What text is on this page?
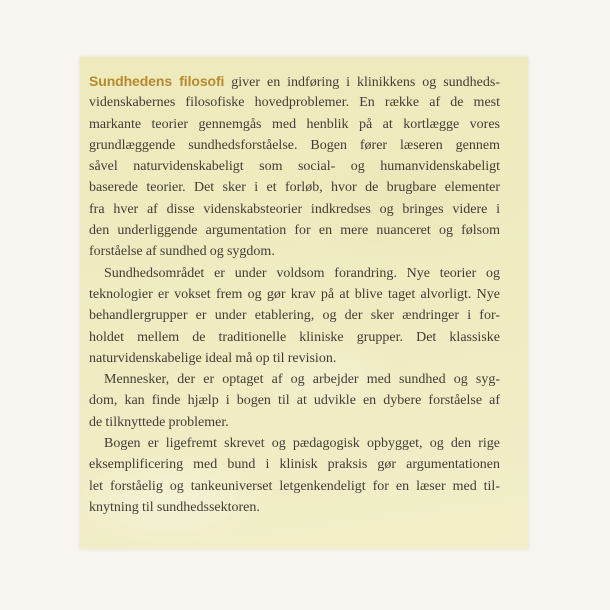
Sundhedens filosofi giver en indføring i klinikkens og sundheds-
videnskabernes filosofiske hovedproblemer. En række af de mest
markante teorier gennemgås med henblik på at kortlægge vores
grundlæggende sundhedsforståelse. Bogen fører læseren gennem
såvel naturvidenskabeligt som social- og humanvidenskabeligt
baserede teorier. Det sker i et forløb, hvor de brugbare elementer
fra hver af disse videnskabsteorier indkredses og bringes videre i
den underliggende argumentation for en mere nuanceret og følsom
forståelse af sundhed og sygdom.
Sundhedsområdet er under voldsom forandring. Nye teorier og
teknologier er vokset frem og gør krav på at blive taget alvorligt. Nye
behandlergrupper er under etablering, og der sker ændringer i for-
holdet mellem de traditionelle kliniske grupper. Det klassiske
naturvidenskabelige ideal må op til revision.
Mennesker, der er optaget af og arbejder med sundhed og syg-
dom, kan finde hjælp i bogen til at udvikle en dybere forståelse af
de tilknyttede problemer.
Bogen er ligefremt skrevet og pædagogisk opbygget, og den rige
eksemplificering med bund i klinisk praksis gør argumentationen
let forståelig og tankeuniverset letgenkendeligt for en læser med til-
knytning til sundhedssektoren.
